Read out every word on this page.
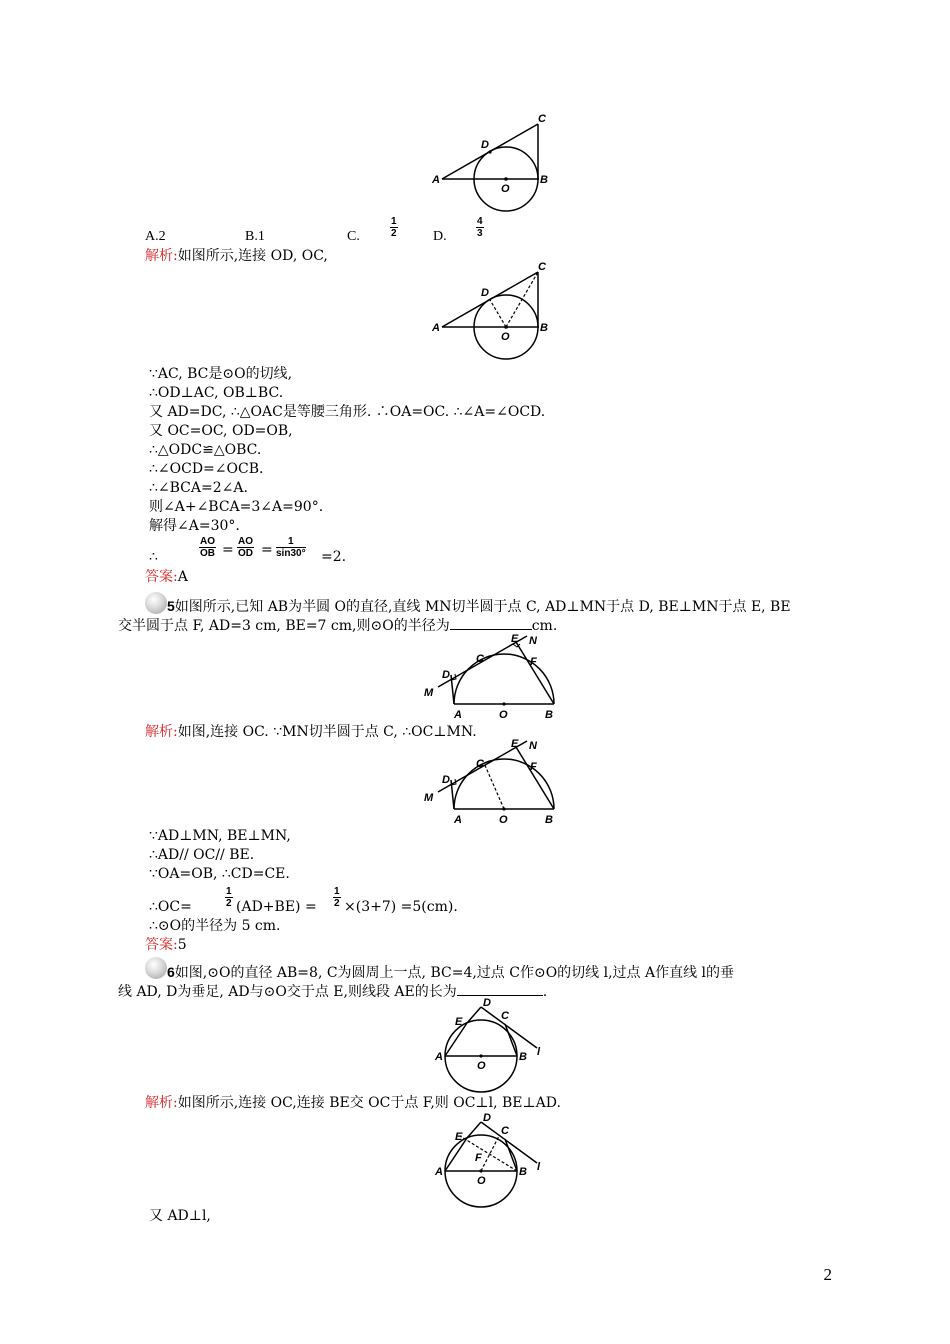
A	B
C
D
O
A.2	B.1	C.	$\frac{1}{2}$	D.	$\frac{4}{3}$
解析:如图所示,连接 OD, OC,
A	B
C
D
O
∵AC, BC是⊙O的切线,
∴OD⊥AC, OB⊥BC.
又 AD=DC, ∴△OAC是等腰三角形. ∴OA=OC. ∴∠A=∠OCD.
又 OC=OC, OD=OB,
∴△ODC≌△OBC.
∴∠OCD=∠OCB.
∴∠BCA=2∠A.
则∠A+∠BCA=3∠A=90°.
解得∠A=30°.
∴	$\frac{AO}{OB} = \frac{AO}{OD} = \frac{1}{\sin 30^\circ} =2$.
答案:A
5如图所示,已知 AB为半圆 O的直径,直线 MN切半圆于点 C, AD⊥MN于点 D, BE⊥MN于点 E, BE
交半圆于点 F, AD=3 cm, BE=7 cm,则⊙O的半径为	cm.
A	B
C
D
E
F
M
N
O
解析:如图,连接 OC. ∵MN切半圆于点 C, ∴OC⊥MN.
A	B
C
D
E
F
M
N
O
∵AD⊥MN, BE⊥MN,
∴AD// OC// BE.
∵OA=OB, ∴CD=CE.
∴OC=	$\frac{1}{2} (AD+BE) = \frac{1}{2} \times(3+7) =5(cm)$.
∴⊙O的半径为 5 cm.
答案:5
6如图,⊙O的直径 AB=8, C为圆周上一点, BC=4,过点 C作⊙O的切线 l,过点 A作直线 l的垂
线 AD, D为垂足, AD与⊙O交于点 E,则线段 AE的长为	.
A	B
C
D
E
l
O
解析:如图所示,连接 OC,连接 BE交 OC于点 F,则 OC⊥l, BE⊥AD.
A	B
C
D
E
F
l
O
又 AD⊥l,
2
